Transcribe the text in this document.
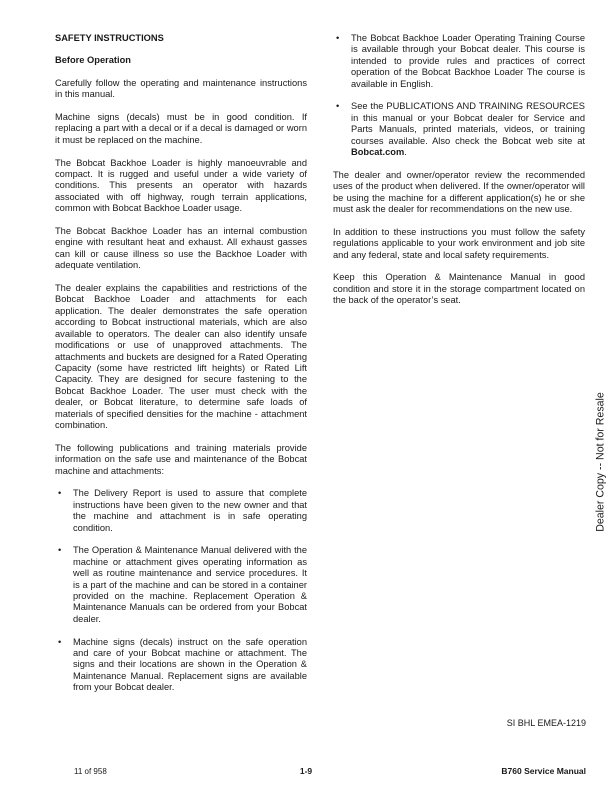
SAFETY INSTRUCTIONS
Before Operation

Carefully follow the operating and maintenance instructions in this manual.

Machine signs (decals) must be in good condition. If replacing a part with a decal or if a decal is damaged or worn it must be replaced on the machine.

The Bobcat Backhoe Loader is highly manoeuvrable and compact. It is rugged and useful under a wide variety of conditions. This presents an operator with hazards associated with off highway, rough terrain applications, common with Bobcat Backhoe Loader usage.

The Bobcat Backhoe Loader has an internal combustion engine with resultant heat and exhaust. All exhaust gasses can kill or cause illness so use the Backhoe Loader with adequate ventilation.

The dealer explains the capabilities and restrictions of the Bobcat Backhoe Loader and attachments for each application. The dealer demonstrates the safe operation according to Bobcat instructional materials, which are also available to operators. The dealer can also identify unsafe modifications or use of unapproved attachments. The attachments and buckets are designed for a Rated Operating Capacity (some have restricted lift heights) or Rated Lift Capacity. They are designed for secure fastening to the Bobcat Backhoe Loader. The user must check with the dealer, or Bobcat literature, to determine safe loads of materials of specified densities for the machine - attachment combination.

The following publications and training materials provide information on the safe use and maintenance of the Bobcat machine and attachments:

• The Delivery Report is used to assure that complete instructions have been given to the new owner and that the machine and attachment is in safe operating condition.
• The Operation & Maintenance Manual delivered with the machine or attachment gives operating information as well as routine maintenance and service procedures. It is a part of the machine and can be stored in a container provided on the machine. Replacement Operation & Maintenance Manuals can be ordered from your Bobcat dealer.
• Machine signs (decals) instruct on the safe operation and care of your Bobcat machine or attachment. The signs and their locations are shown in the Operation & Maintenance Manual. Replacement signs are available from your Bobcat dealer.
• The Bobcat Backhoe Loader Operating Training Course is available through your Bobcat dealer. This course is intended to provide rules and practices of correct operation of the Bobcat Backhoe Loader The course is available in English.
• See the PUBLICATIONS AND TRAINING RESOURCES in this manual or your Bobcat dealer for Service and Parts Manuals, printed materials, videos, or training courses available. Also check the Bobcat web site at Bobcat.com.

The dealer and owner/operator review the recommended uses of the product when delivered. If the owner/operator will be using the machine for a different application(s) he or she must ask the dealer for recommendations on the new use.

In addition to these instructions you must follow the safety regulations applicable to your work environment and job site and any federal, state and local safety requirements.

Keep this Operation & Maintenance Manual in good condition and store it in the storage compartment located on the back of the operator’s seat.

Dealer Copy -- Not for Resale
SI BHL EMEA-1219
11 of 958	1-9	B760 Service Manual
